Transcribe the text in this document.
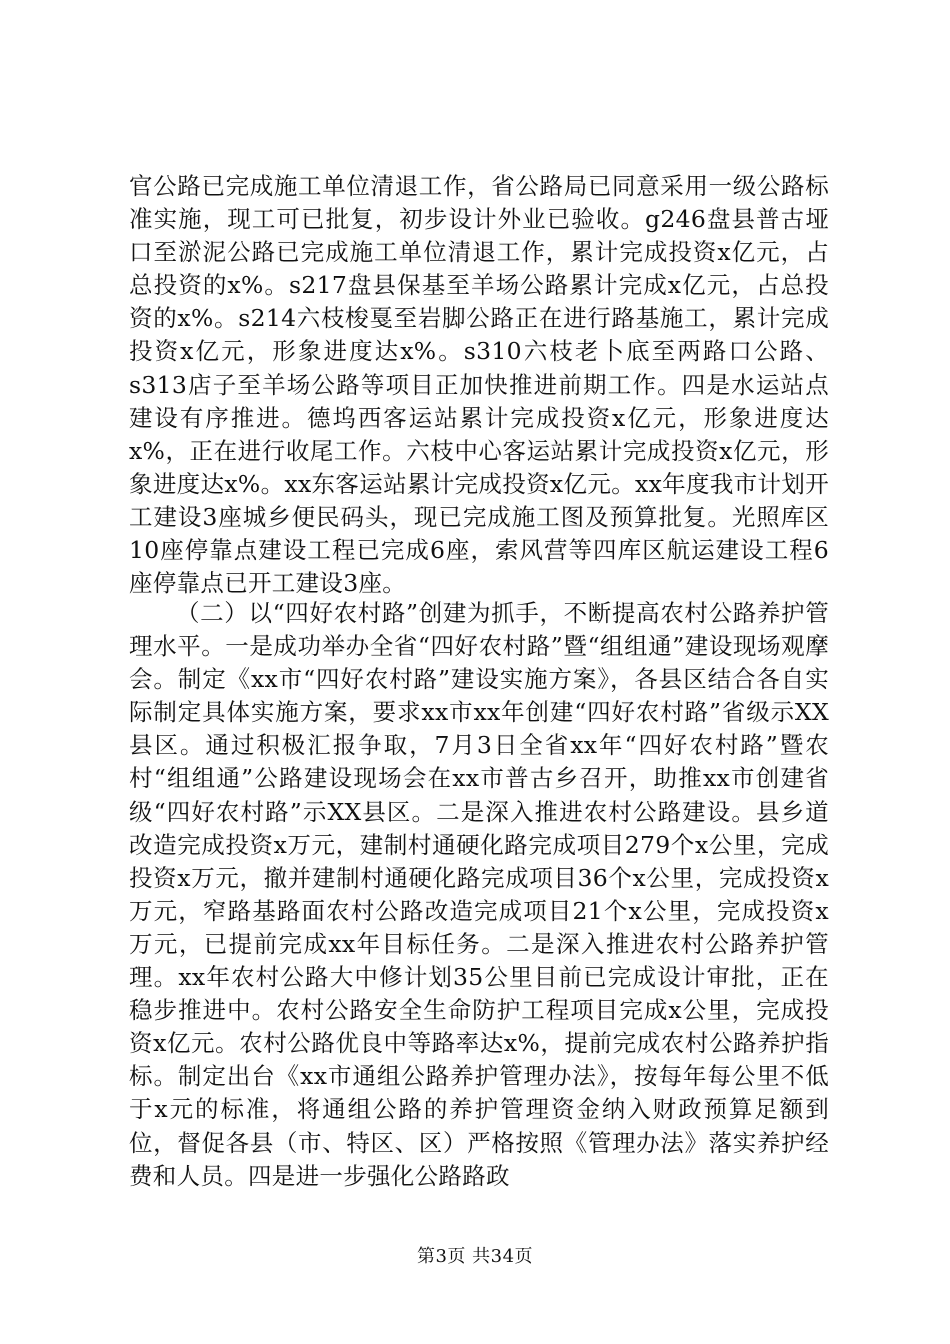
官公路已完成施工单位清退工作，省公路局已同意采用一级公路标准实施，现工可已批复，初步设计外业已验收。g246盘县普古垭口至淤泥公路已完成施工单位清退工作，累计完成投资x亿元，占总投资的x%。s217盘县保基至羊场公路累计完成x亿元，占总投资的x%。s214六枝梭戛至岩脚公路正在进行路基施工，累计完成投资x亿元，形象进度达x%。s310六枝老卜底至两路口公路、s313店子至羊场公路等项目正加快推进前期工作。四是水运站点建设有序推进。德坞西客运站累计完成投资x亿元，形象进度达x%，正在进行收尾工作。六枝中心客运站累计完成投资x亿元，形象进度达x%。xx东客运站累计完成投资x亿元。xx年度我市计划开工建设3座城乡便民码头，现已完成施工图及预算批复。光照库区10座停靠点建设工程已完成6座，索风营等四库区航运建设工程6座停靠点已开工建设3座。

（二）以“四好农村路”创建为抓手，不断提高农村公路养护管理水平。一是成功举办全省“四好农村路”暨“组组通”建设现场观摩会。制定《xx市“四好农村路”建设实施方案》，各县区结合各自实际制定具体实施方案，要求xx市xx年创建“四好农村路”省级示XX县区。通过积极汇报争取，7月3日全省xx年“四好农村路”暨农村“组组通”公路建设现场会在xx市普古乡召开，助推xx市创建省级“四好农村路”示XX县区。二是深入推进农村公路建设。县乡道改造完成投资x万元，建制村通硬化路完成项目279个x公里，完成投资x万元，撤并建制村通硬化路完成项目36个x公里，完成投资x万元，窄路基路面农村公路改造完成项目21个x公里，完成投资x万元，已提前完成xx年目标任务。二是深入推进农村公路养护管理。xx年农村公路大中修计划35公里目前已完成设计审批，正在稳步推进中。农村公路安全生命防护工程项目完成x公里，完成投资x亿元。农村公路优良中等路率达x%，提前完成农村公路养护指标。制定出台《xx市通组公路养护管理办法》，按每年每公里不低于x元的标准，将通组公路的养护管理资金纳入财政预算足额到位，督促各县（市、特区、区）严格按照《管理办法》落实养护经费和人员。四是进一步强化公路路政

第3页 共34页
